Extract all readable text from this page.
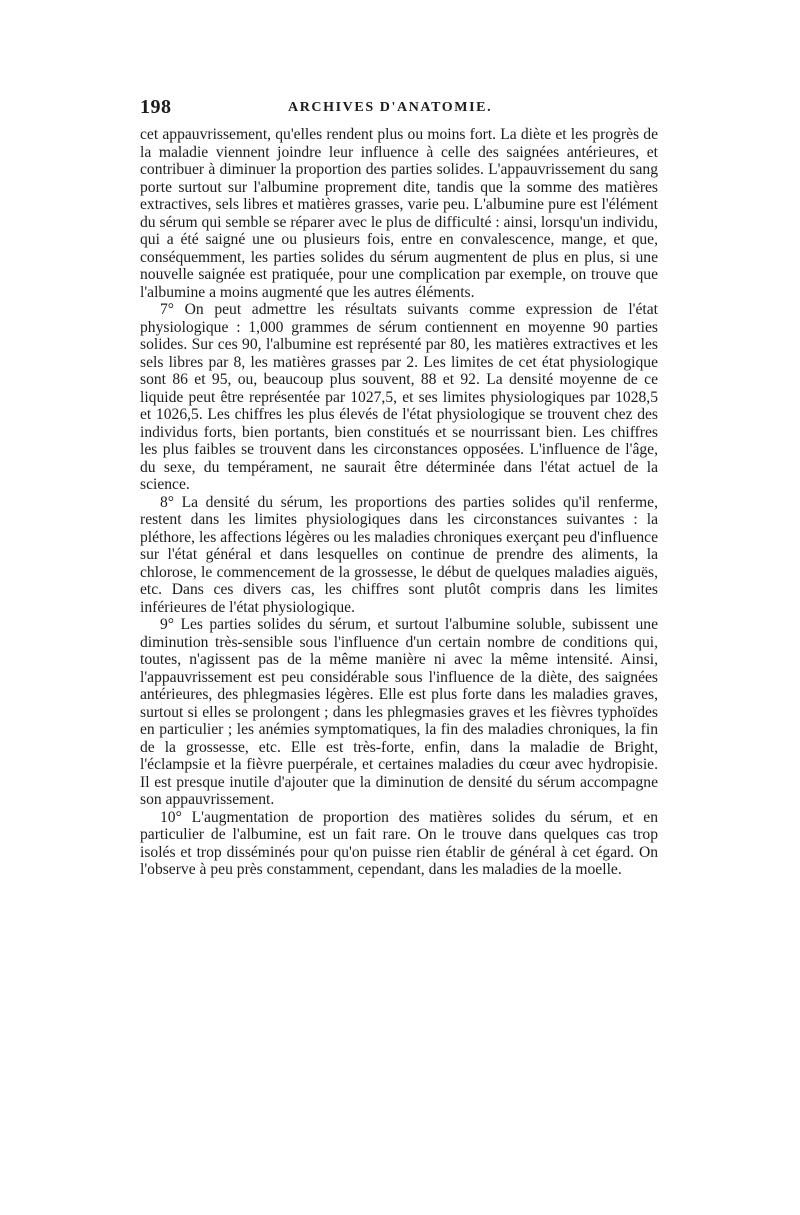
198	ARCHIVES D'ANATOMIE.

cet appauvrissement, qu'elles rendent plus ou moins fort. La diète et les progrès de la maladie viennent joindre leur influence à celle des saignées antérieures, et contribuer à diminuer la proportion des parties solides. L'appauvrissement du sang porte surtout sur l'albumine proprement dite, tandis que la somme des matières extractives, sels libres et matières grasses, varie peu. L'albumine pure est l'élément du sérum qui semble se réparer avec le plus de difficulté : ainsi, lorsqu'un individu, qui a été saigné une ou plusieurs fois, entre en convalescence, mange, et que, conséquemment, les parties solides du sérum augmentent de plus en plus, si une nouvelle saignée est pratiquée, pour une complication par exemple, on trouve que l'albumine a moins augmenté que les autres éléments.

7° On peut admettre les résultats suivants comme expression de l'état physiologique : 1,000 grammes de sérum contiennent en moyenne 90 parties solides. Sur ces 90, l'albumine est représenté par 80, les matières extractives et les sels libres par 8, les matières grasses par 2. Les limites de cet état physiologique sont 86 et 95, ou, beaucoup plus souvent, 88 et 92. La densité moyenne de ce liquide peut être représentée par 1027,5, et ses limites physiologiques par 1028,5 et 1026,5. Les chiffres les plus élevés de l'état physiologique se trouvent chez des individus forts, bien portants, bien constitués et se nourrissant bien. Les chiffres les plus faibles se trouvent dans les circonstances opposées. L'influence de l'âge, du sexe, du tempérament, ne saurait être déterminée dans l'état actuel de la science.

8° La densité du sérum, les proportions des parties solides qu'il renferme, restent dans les limites physiologiques dans les circonstances suivantes : la pléthore, les affections légères ou les maladies chroniques exerçant peu d'influence sur l'état général et dans lesquelles on continue de prendre des aliments, la chlorose, le commencement de la grossesse, le début de quelques maladies aiguës, etc. Dans ces divers cas, les chiffres sont plutôt compris dans les limites inférieures de l'état physiologique.

9° Les parties solides du sérum, et surtout l'albumine soluble, subissent une diminution très-sensible sous l'influence d'un certain nombre de conditions qui, toutes, n'agissent pas de la même manière ni avec la même intensité. Ainsi, l'appauvrissement est peu considérable sous l'influence de la diète, des saignées antérieures, des phlegmasies légères. Elle est plus forte dans les maladies graves, surtout si elles se prolongent ; dans les phlegmasies graves et les fièvres typhoïdes en particulier ; les anémies symptomatiques, la fin des maladies chroniques, la fin de la grossesse, etc. Elle est très-forte, enfin, dans la maladie de Bright, l'éclampsie et la fièvre puerpérale, et certaines maladies du cœur avec hydropisie. Il est presque inutile d'ajouter que la diminution de densité du sérum accompagne son appauvrissement.

10° L'augmentation de proportion des matières solides du sérum, et en particulier de l'albumine, est un fait rare. On le trouve dans quelques cas trop isolés et trop disséminés pour qu'on puisse rien établir de général à cet égard. On l'observe à peu près constamment, cependant, dans les maladies de la moelle.
